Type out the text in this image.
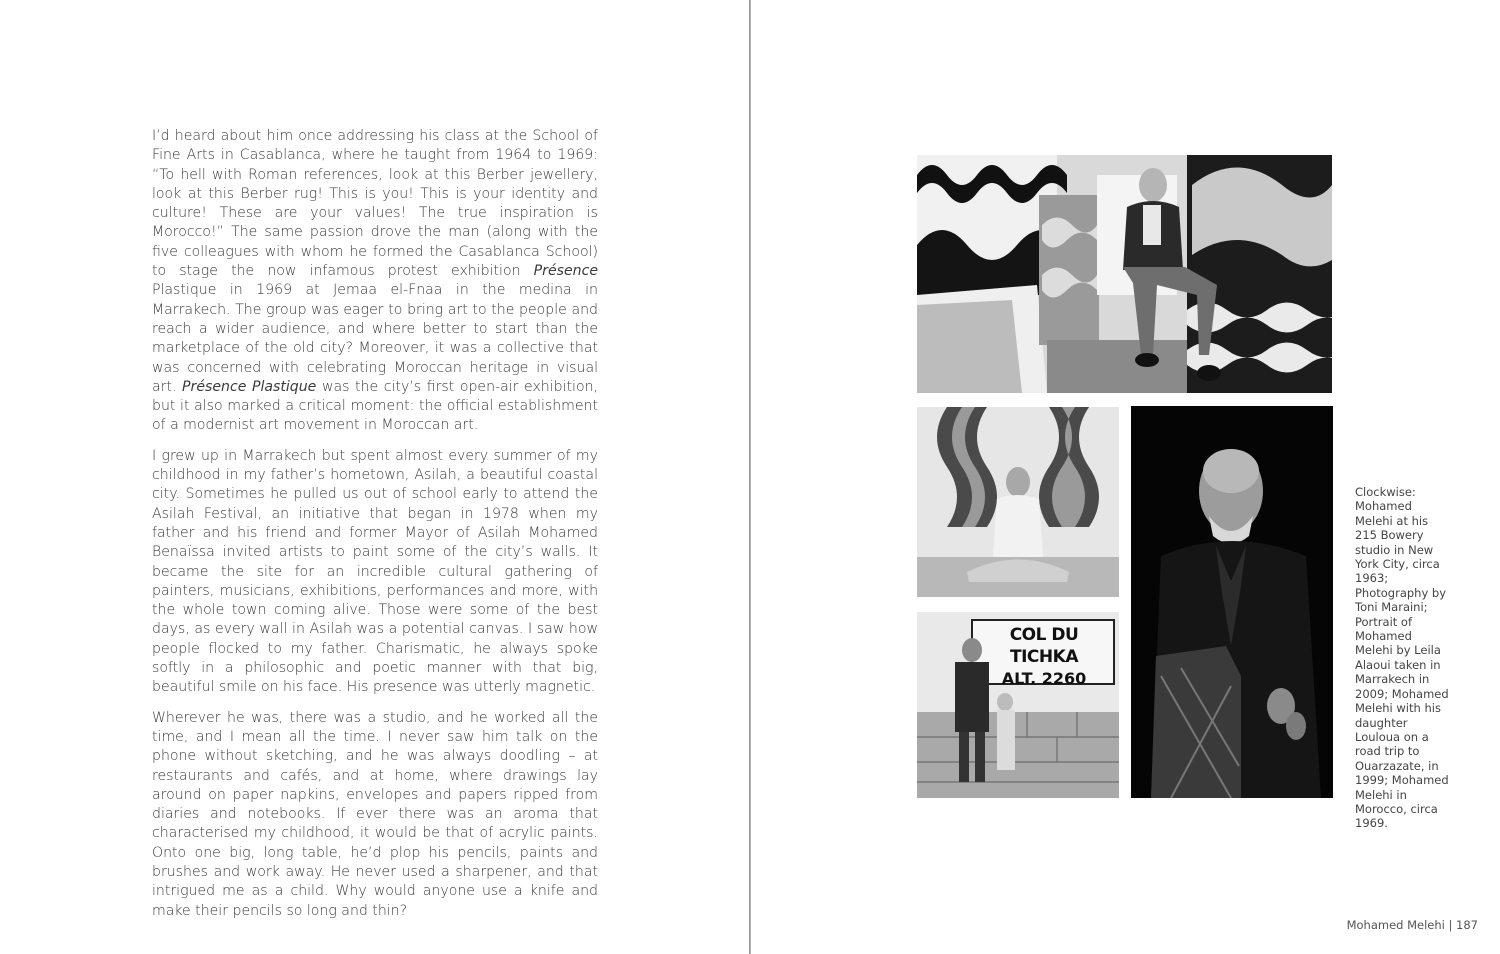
I’d heard about him once addressing his class at the School of Fine Arts in Casablanca, where he taught from 1964 to 1969: “To hell with Roman references, look at this Berber jewellery, look at this Berber rug! This is you! This is your identity and culture! These are your values! The true inspiration is Morocco!” The same passion drove the man (along with the five colleagues with whom he formed the Casablanca School) to stage the now infamous protest exhibition Présence Plastique in 1969 at Jemaa el-Fnaa in the medina in Marrakech. The group was eager to bring art to the people and reach a wider audience, and where better to start than the marketplace of the old city? Moreover, it was a collective that was concerned with celebrating Moroccan heritage in visual art. Présence Plastique was the city’s first open-air exhibition, but it also marked a critical moment: the official establishment of a modernist art movement in Moroccan art.

I grew up in Marrakech but spent almost every summer of my childhood in my father’s hometown, Asilah, a beautiful coastal city. Sometimes he pulled us out of school early to attend the Asilah Festival, an initiative that began in 1978 when my father and his friend and former Mayor of Asilah Mohamed Benaïssa invited artists to paint some of the city’s walls. It became the site for an incredible cultural gathering of painters, musicians, exhibitions, performances and more, with the whole town coming alive. Those were some of the best days, as every wall in Asilah was a potential canvas. I saw how people flocked to my father. Charismatic, he always spoke softly in a philosophic and poetic manner with that big, beautiful smile on his face. His presence was utterly magnetic.

Wherever he was, there was a studio, and he worked all the time, and I mean all the time. I never saw him talk on the phone without sketching, and he was always doodling – at restaurants and cafés, and at home, where drawings lay around on paper napkins, envelopes and papers ripped from diaries and notebooks. If ever there was an aroma that characterised my childhood, it would be that of acrylic paints. Onto one big, long table, he’d plop his pencils, paints and brushes and work away. He never used a sharpener, and that intrigued me as a child. Why would anyone use a knife and make their pencils so long and thin?

COL DU TICHKA
ALT. 2260
Clockwise: Mohamed Melehi at his 215 Bowery studio in New York City, circa 1963; Photography by Toni Maraini; Portrait of Mohamed Melehi by Leila Alaoui taken in Marrakech in 2009; Mohamed Melehi with his daughter Louloua on a road trip to Ouarzazate, in 1999; Mohamed Melehi in Morocco, circa 1969.
Mohamed Melehi | 187
